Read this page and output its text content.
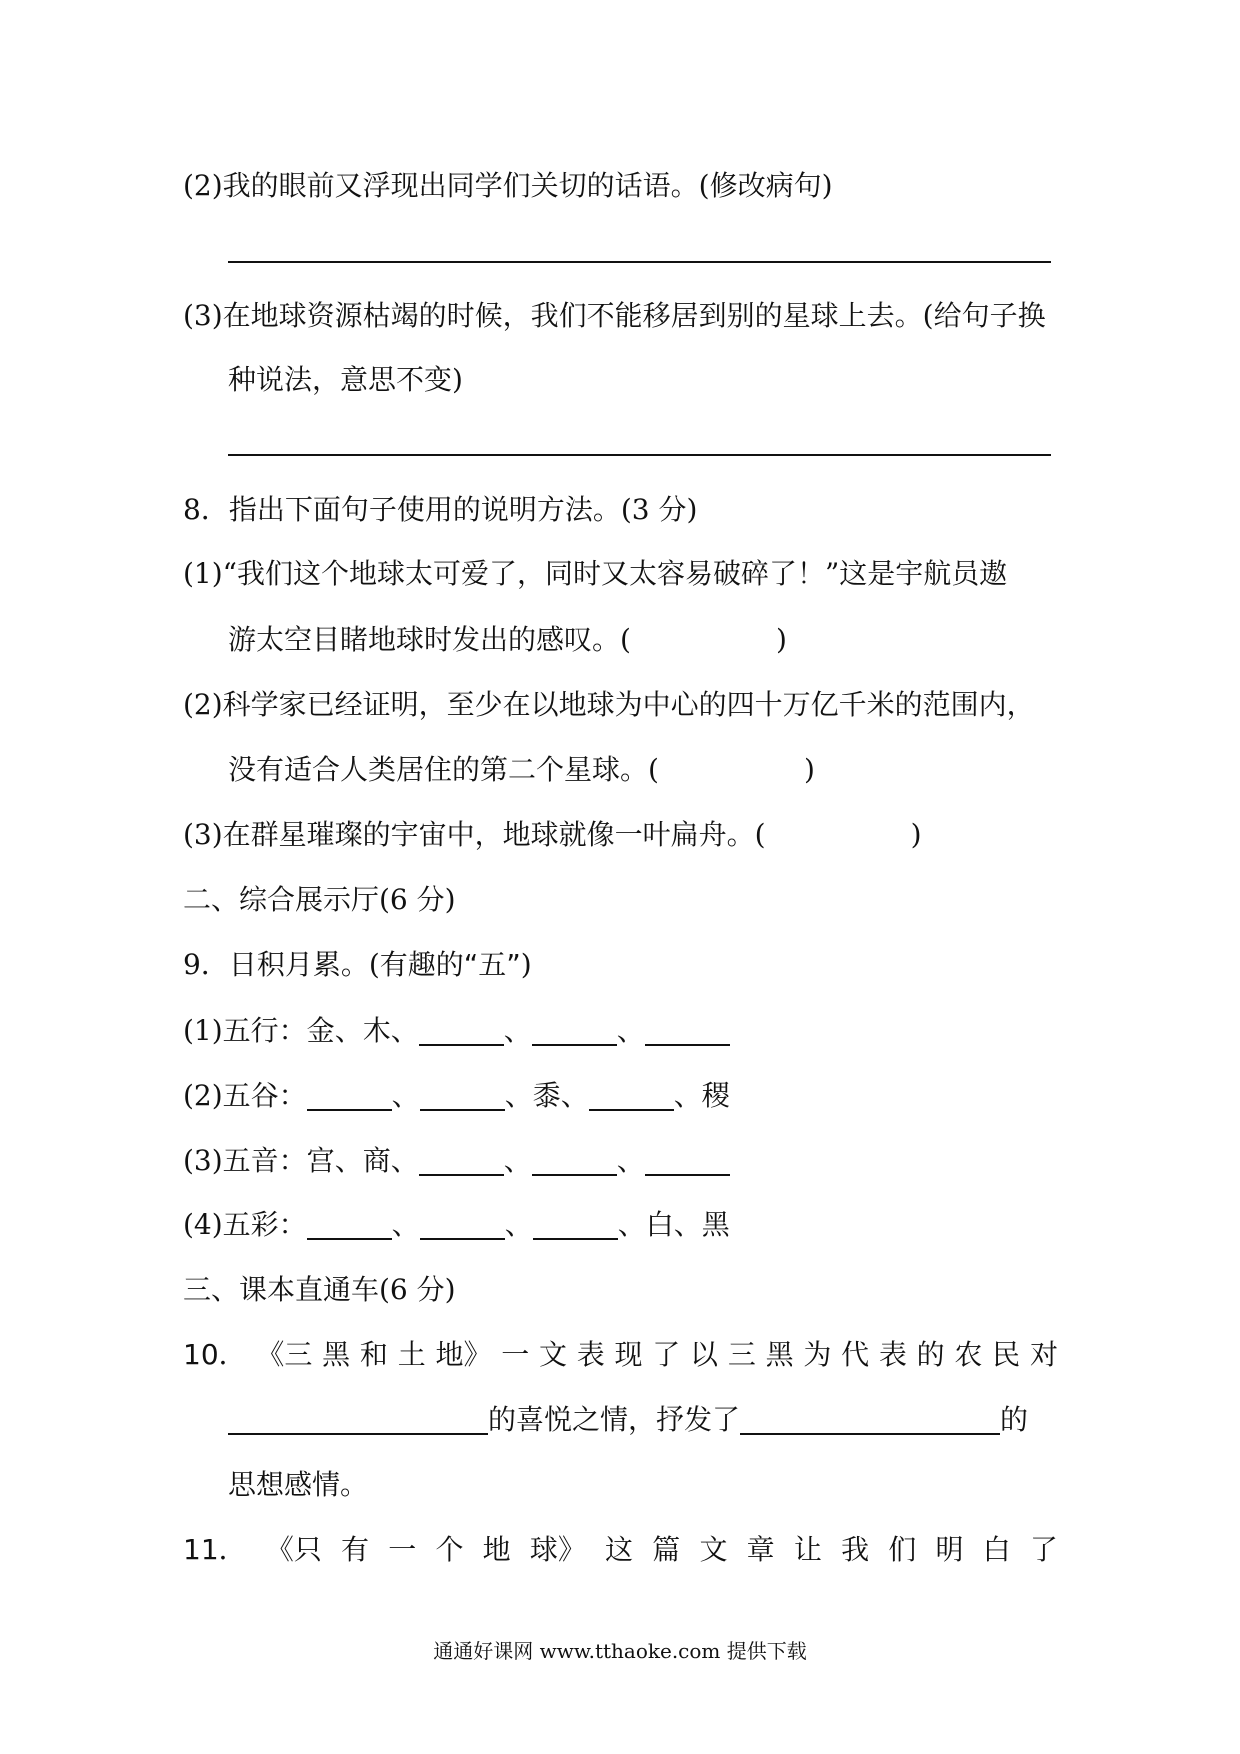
(2)我的眼前又浮现出同学们关切的话语。(修改病句)
(3)在地球资源枯竭的时候，我们不能移居到别的星球上去。(给句子换
种说法，意思不变)
8．指出下面句子使用的说明方法。(3 分)
(1)“我们这个地球太可爱了，同时又太容易破碎了！”这是宇航员遨
游太空目睹地球时发出的感叹。(	)
(2)科学家已经证明，至少在以地球为中心的四十万亿千米的范围内，
没有适合人类居住的第二个星球。(	)
(3)在群星璀璨的宇宙中，地球就像一叶扁舟。(	)
二、综合展示厅(6 分)
9．日积月累。(有趣的“五”)
(1)五行：金、木、	、	、
(2)五谷：	、	、黍、	、稷
(3)五音：宫、商、	、	、
(4)五彩：	、	、	、白、黑
三、课本直通车(6 分)
10． 《三 黑 和 土 地》 一 文 表 现 了 以 三 黑 为 代 表 的 农 民 对
的喜悦之情，抒发了	的
思想感情。
11． 《只 有 一 个 地 球》 这 篇 文 章 让 我 们 明 白 了
通通好课网 www.tthaoke.com 提供下载
